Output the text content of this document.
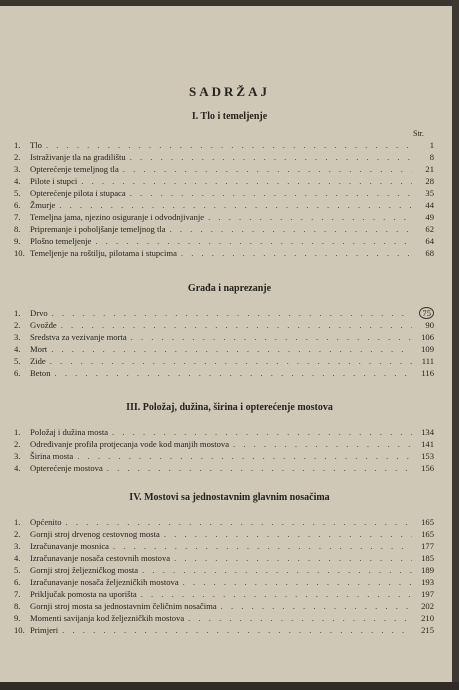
SADRŽAJ
I. Tlo i temeljenje
Str.
1.	Tlo . . .	1
2.	Istraživanje tla na gradilištu . . .	8
3.	Opterećenje temeljnog tla . . .	21
4.	Pilote i stupci . . .	28
5.	Opterećenje pilota i stupaca . . .	35
6.	Žmurje . . .	44
7.	Temeljna jama, njezino osiguranje i odvodnjivanje . . .	49
8.	Pripremanje i poboljšanje temeljnog tla . . .	62
9.	Plošno temeljenje . . .	64
10. Temeljenje na roštilju, pilotama i stupcima . . .	68
Građa i naprezanje
1.	Drvo . . .	75
2.	Gvožđe . . .	90
3.	Sredstva za vezivanje morta . . .	106
4.	Mort . . .	109
5.	Zide . . .	111
6.	Beton . . .	116
III. Položaj, dužina, širina i opterećenje mostova
1.	Položaj i dužina mosta . . .	134
2.	Određivanje profila protjecanja vode kod manjih mostova . . .	141
3.	Širina mosta . . .	153
4.	Opterećenje mostova . . .	156
IV. Mostovi sa jednostavnim glavnim nosačima
1.	Općenito . . .	165
2.	Gornji stroj drvenog cestovnog mosta . . .	165
3.	Izračunavanje mosnica . . .	177
4.	Izračunavanje nosača cestovnih mostova . . .	185
5.	Gornji stroj željezničkog mosta . . .	189
6.	Izračunavanje nosača željezničkih mostova . . .	193
7.	Priključak pomosta na uporišta . . .	197
8.	Gornji stroj mosta sa jednostavnim čeličnim nosačima . . .	202
9.	Momenti savijanja kod željezničkih mostova . . .	210
10. Primjeri . . .	215
